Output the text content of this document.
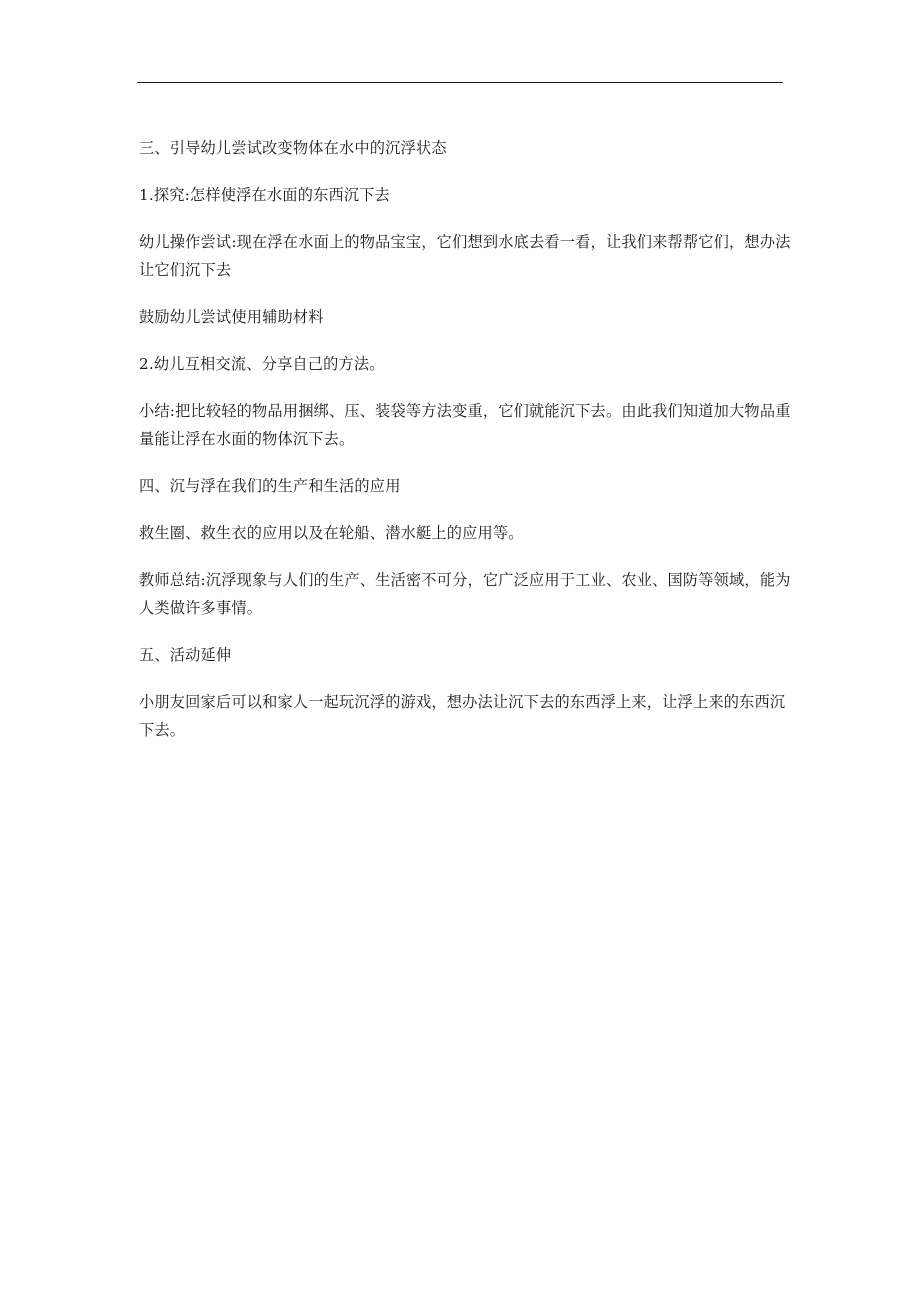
三、引导幼儿尝试改变物体在水中的沉浮状态

1.探究:怎样使浮在水面的东西沉下去

幼儿操作尝试:现在浮在水面上的物品宝宝，它们想到水底去看一看，让我们来帮帮它们，想办法让它们沉下去

鼓励幼儿尝试使用辅助材料

2.幼儿互相交流、分享自己的方法。

小结:把比较轻的物品用捆绑、压、装袋等方法变重，它们就能沉下去。由此我们知道加大物品重量能让浮在水面的物体沉下去。

四、沉与浮在我们的生产和生活的应用

救生圈、救生衣的应用以及在轮船、潜水艇上的应用等。

教师总结:沉浮现象与人们的生产、生活密不可分，它广泛应用于工业、农业、国防等领域，能为人类做许多事情。

五、活动延伸

小朋友回家后可以和家人一起玩沉浮的游戏，想办法让沉下去的东西浮上来，让浮上来的东西沉下去。
